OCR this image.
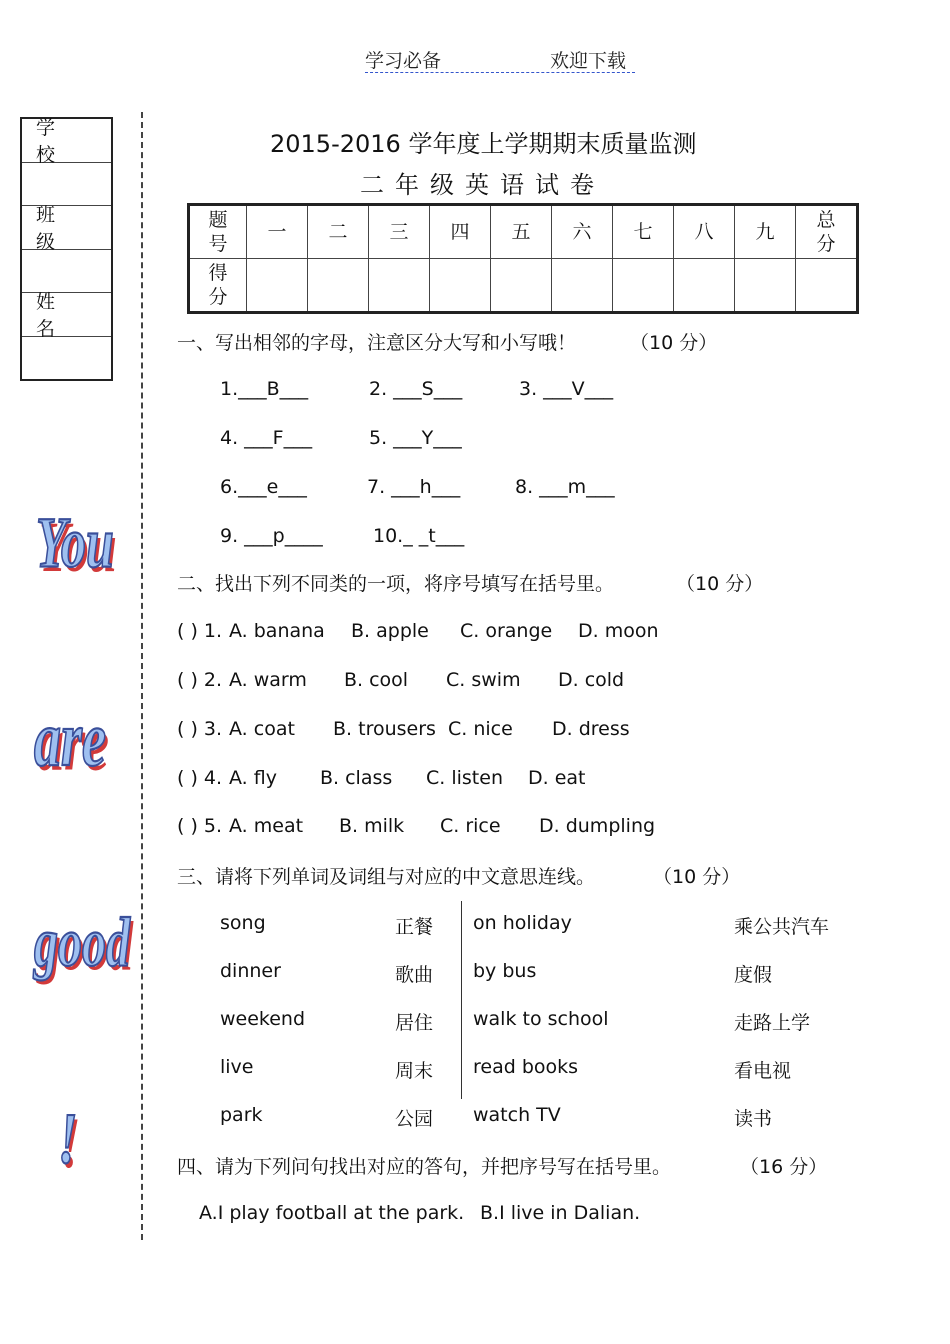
学习必备	欢迎下载
学 校
班 级
姓 名
You
are
good
!
2015-2016 学年度上学期期末质量监测
二年级英语试卷
题号	一	二	三	四	五	六	七	八	九	总分
得分										
一、写出相邻的字母，注意区分大写和小写哦！	（10 分）
1.___B___	2. ___S___	3. ___V___
4. ___F___	5. ___Y___
6.___e___	7. ___h___	8. ___m___
9. ___p____	10._ _t___
二、找出下列不同类的一项，将序号填写在括号里。	（10 分）
( ) 1. A. banana B. apple C. orange D. moon
( ) 2. A. warm B. cool C. swim D. cold
( ) 3. A. coat B. trousers C. nice D. dress
( ) 4. A. fly B. class C. listen D. eat
( ) 5. A. meat B. milk C. rice D. dumpling
三、请将下列单词及词组与对应的中文意思连线。	（10 分）
song	正餐 on holiday	乘公共汽车
dinner	歌曲 by bus	度假
weekend	居住 walk to school	走路上学
live	周末 read books	看电视
park	公园 watch TV	读书
四、请为下列问句找出对应的答句，并把序号写在括号里。	（16 分）
A.I play football at the park. B.I live in Dalian.
